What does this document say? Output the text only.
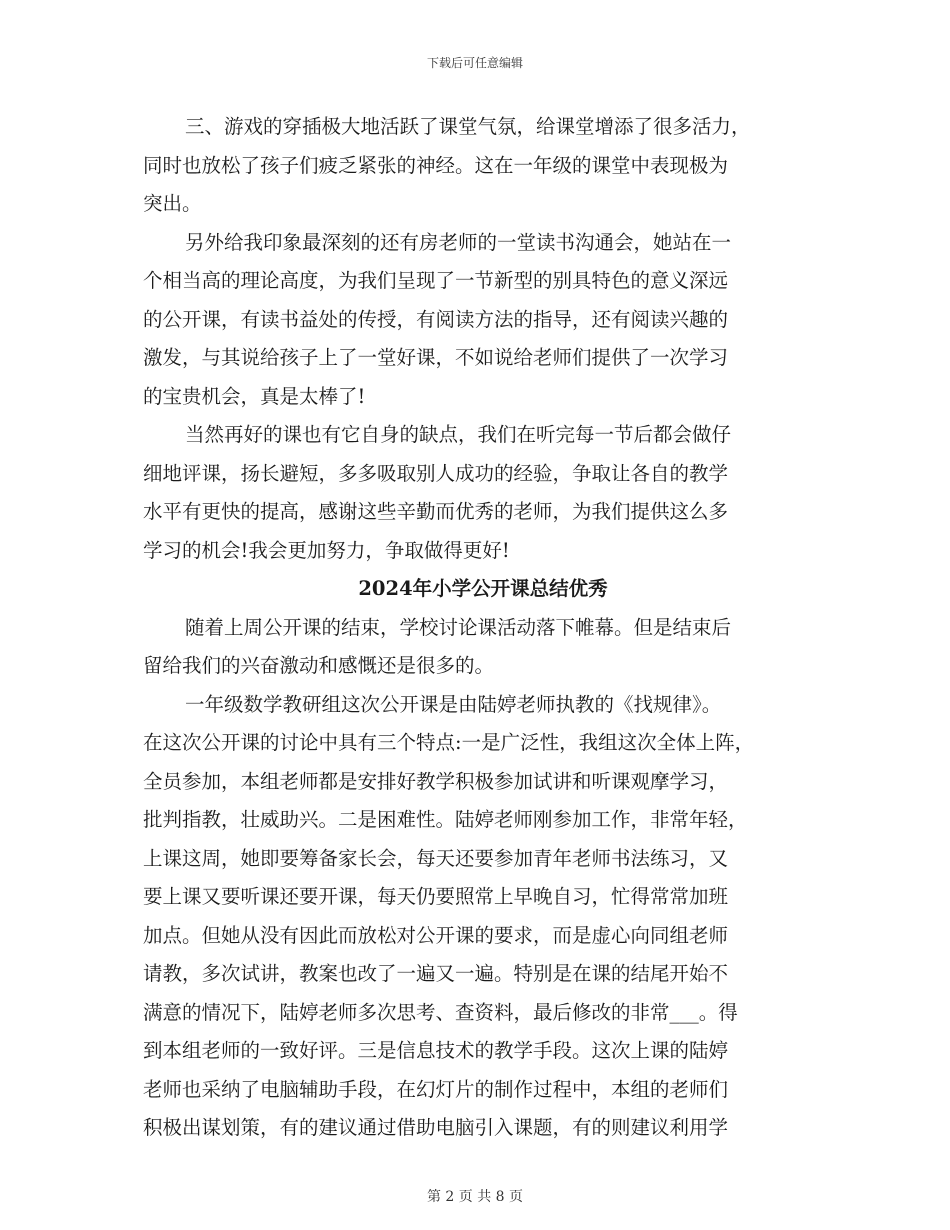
下载后可任意编辑
三、游戏的穿插极大地活跃了课堂气氛，给课堂增添了很多活力，
同时也放松了孩子们疲乏紧张的神经。这在一年级的课堂中表现极为
突出。
另外给我印象最深刻的还有房老师的一堂读书沟通会，她站在一
个相当高的理论高度，为我们呈现了一节新型的别具特色的意义深远
的公开课，有读书益处的传授，有阅读方法的指导，还有阅读兴趣的
激发，与其说给孩子上了一堂好课，不如说给老师们提供了一次学习
的宝贵机会，真是太棒了!
当然再好的课也有它自身的缺点，我们在听完每一节后都会做仔
细地评课，扬长避短，多多吸取别人成功的经验，争取让各自的教学
水平有更快的提高，感谢这些辛勤而优秀的老师，为我们提供这么多
学习的机会!我会更加努力，争取做得更好!
2024年小学公开课总结优秀
随着上周公开课的结束，学校讨论课活动落下帷幕。但是结束后
留给我们的兴奋激动和感慨还是很多的。
一年级数学教研组这次公开课是由陆婷老师执教的《找规律》。
在这次公开课的讨论中具有三个特点:一是广泛性，我组这次全体上阵，
全员参加，本组老师都是安排好教学积极参加试讲和听课观摩学习，
批判指教，壮威助兴。二是困难性。陆婷老师刚参加工作，非常年轻，
上课这周，她即要筹备家长会，每天还要参加青年老师书法练习，又
要上课又要听课还要开课，每天仍要照常上早晚自习，忙得常常加班
加点。但她从没有因此而放松对公开课的要求，而是虚心向同组老师
请教，多次试讲，教案也改了一遍又一遍。特别是在课的结尾开始不
满意的情况下，陆婷老师多次思考、查资料，最后修改的非常___。得
到本组老师的一致好评。三是信息技术的教学手段。这次上课的陆婷
老师也采纳了电脑辅助手段，在幻灯片的制作过程中，本组的老师们
积极出谋划策，有的建议通过借助电脑引入课题，有的则建议利用学
第 2 页 共 8 页
